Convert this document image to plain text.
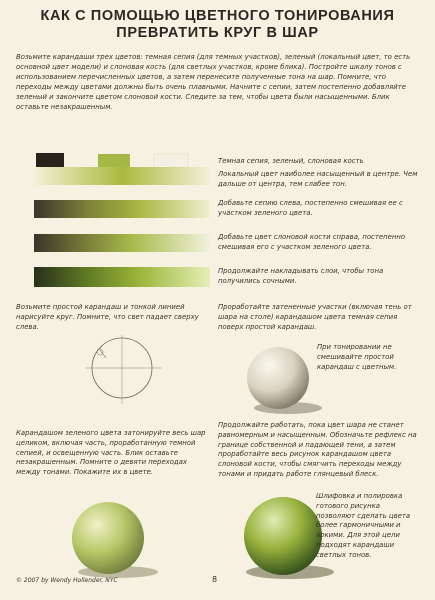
КАК С ПОМОЩЬЮ ЦВЕТНОГО ТОНИРОВАНИЯ
ПРЕВРАТИТЬ КРУГ В ШАР
Возьмите карандаши трех цветов: темная сепия (для темных участков), зеленый (локальный цвет, то есть основной цвет модели) и слоновая кость (для светлых участков, кроме блика). Постройте шкалу тонов с использованием перечисленных цветов, а затем перенесите полученные тона на шар. Помните, что переходы между цветами должны быть очень плавными. Начните с сепии, затем постепенно добавляйте зеленый и закончите цветом слоновой кости. Следите за тем, чтобы цвета были насыщенными. Блик оставьте незакрашенным.
Темная сепия, зеленый, слоновая кость
Локальный цвет наиболее насыщенный в центре. Чем дальше от центра, тем слабее тон.
Добавьте сепию слева, постепенно смешивая ее с участком зеленого цвета.
Добавьте цвет слоновой кости справа, постепенно смешивая его с участком зеленого цвета.
Продолжайте накладывать слои, чтобы тона получились сочными.
Возьмите простой карандаш и тонкой линией нарисуйте круг. Помните, что свет падает сверху слева.
Проработайте затененные участки (включая тень от шара на столе) карандашом цвета темная сепия поверх простой карандаш.
При тонировании не смешивайте простой карандаш с цветным.
Карандашом зеленого цвета затонируйте весь шар целиком, включая часть, проработанную темной сепией, и освещенную часть. Блик оставьте незакрашенным. Помните о девяти переходах между тонами. Покажите их в цвете.
Продолжайте работать, пока цвет шара не станет равномерным и насыщенным. Обозначьте рефлекс на границе собственной и падающей тени, а затем проработайте весь рисунок карандашом цвета слоновой кости, чтобы смягчить переходы между тонами и придать работе глянцевый блеск.
Шлифовка и полировка готового рисунка позволяют сделать цвета более гармоничными и яркими. Для этой цели подходят карандаши светлых тонов.
© 2007 by Wendy Hollender, NYC	8
